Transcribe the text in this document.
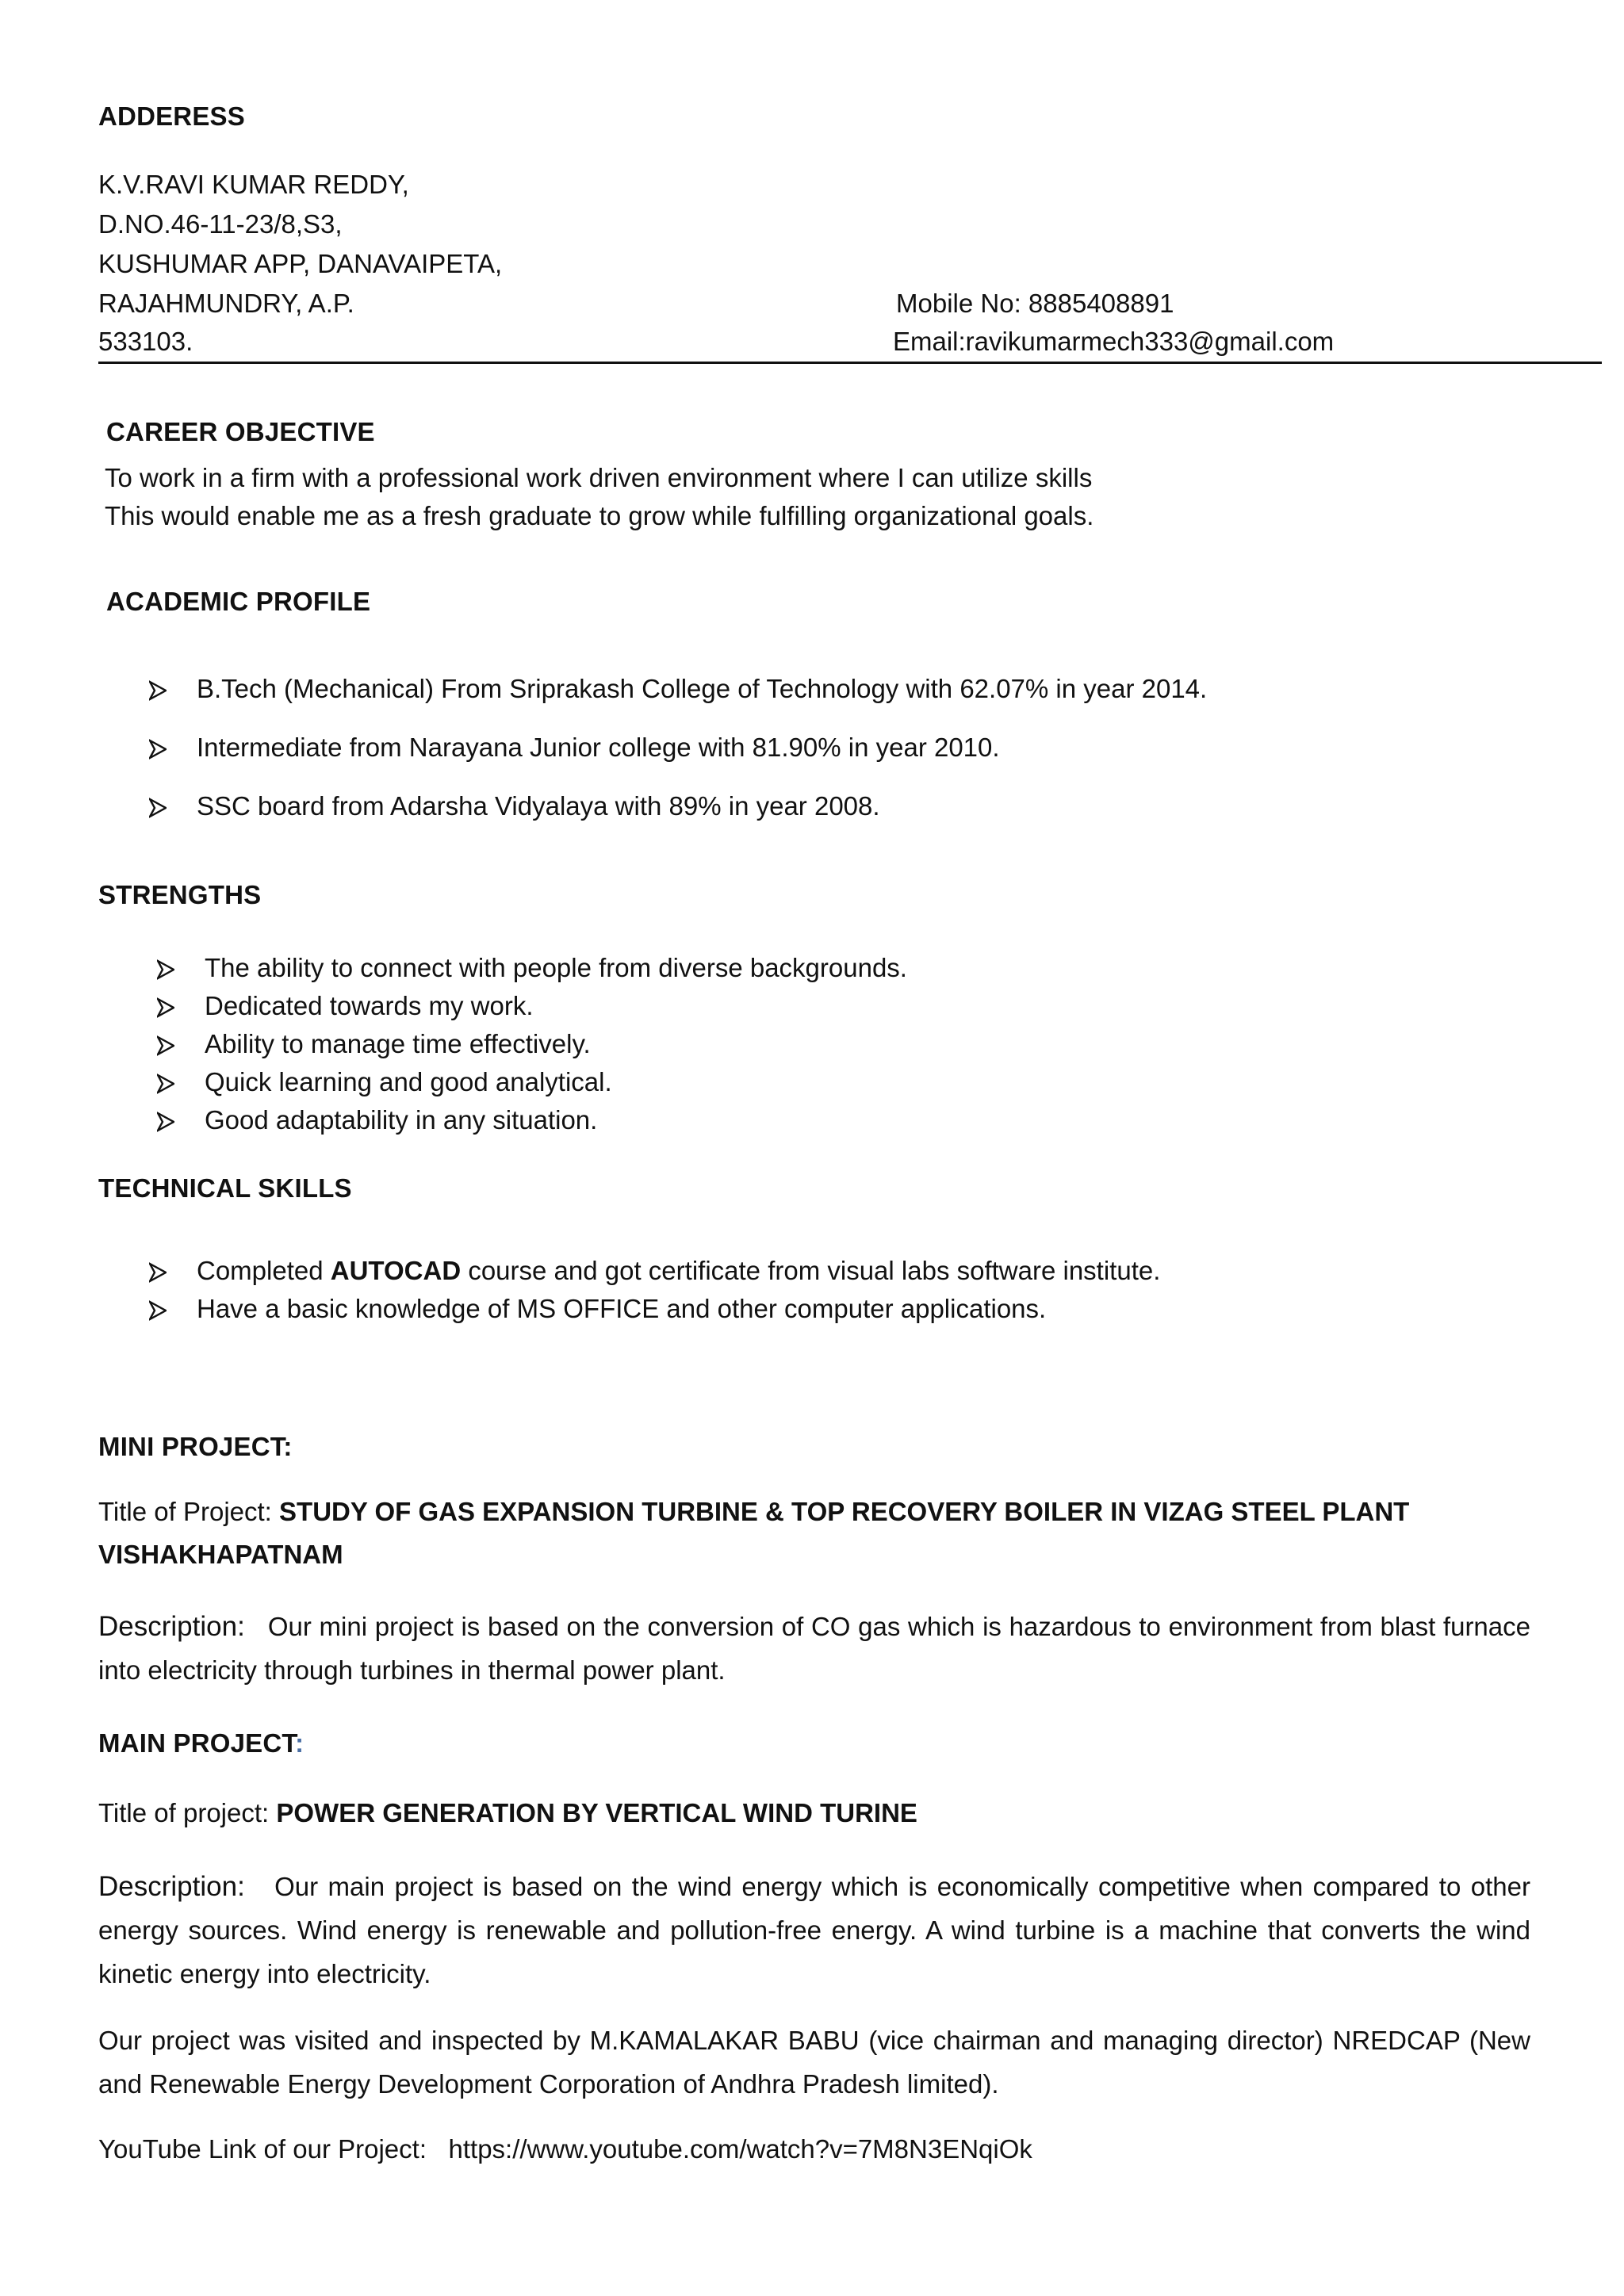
ADDERESS
K.V.RAVI KUMAR REDDY,
D.NO.46-11-23/8,S3,
KUSHUMAR APP, DANAVAIPETA,
RAJAHMUNDRY, A.P.
533103.
Mobile No: 8885408891
Email:ravikumarmech333@gmail.com
CAREER OBJECTIVE
To work in a firm with a professional work driven environment where I can utilize skills
This would enable me as a fresh graduate to grow while fulfilling organizational goals.
ACADEMIC PROFILE
B.Tech (Mechanical) From Sriprakash College of Technology with 62.07% in year 2014.
Intermediate from Narayana Junior college with 81.90% in year 2010.
SSC board from Adarsha Vidyalaya with 89% in year 2008.
STRENGTHS
The ability to connect with people from diverse backgrounds.
Dedicated towards my work.
Ability to manage time effectively.
Quick learning and good analytical.
Good adaptability in any situation.
TECHNICAL SKILLS
Completed AUTOCAD course and got certificate from visual labs software institute.
Have a basic knowledge of MS OFFICE and other computer applications.
MINI PROJECT:
Title of Project: STUDY OF GAS EXPANSION TURBINE & TOP RECOVERY BOILER IN VIZAG STEEL PLANT
VISHAKHAPATNAM
Description: Our mini project is based on the conversion of CO gas which is hazardous to environment from blast furnace into electricity through turbines in thermal power plant.
MAIN PROJECT:
Title of project: POWER GENERATION BY VERTICAL WIND TURINE
Description: Our main project is based on the wind energy which is economically competitive when compared to other energy sources. Wind energy is renewable and pollution-free energy. A wind turbine is a machine that converts the wind kinetic energy into electricity.
Our project was visited and inspected by M.KAMALAKAR BABU (vice chairman and managing director) NREDCAP (New and Renewable Energy Development Corporation of Andhra Pradesh limited).
YouTube Link of our Project: https://www.youtube.com/watch?v=7M8N3ENqiOk
